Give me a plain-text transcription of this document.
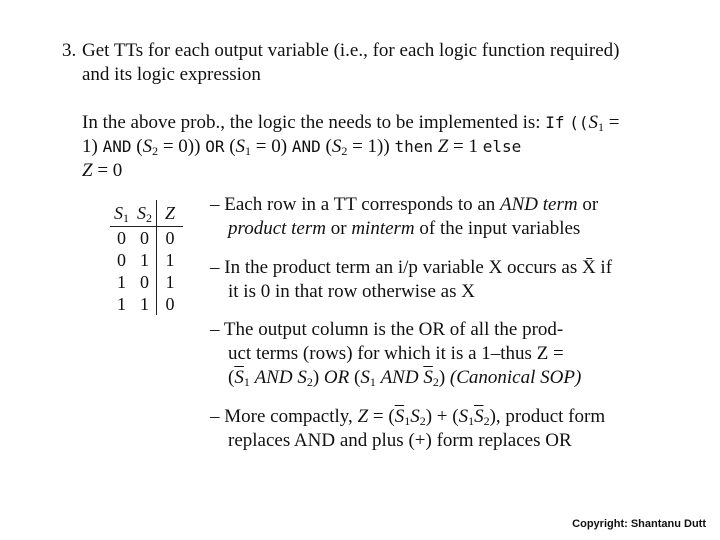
3. Get TTs for each output variable (i.e., for each logic function required)
and its logic expression
In the above prob., the logic the needs to be implemented is: If (($S_1$ =
1) AND $(S_2 = 0)$) OR $(S_1 = 0)$ AND $(S_2 = 1)$) then Z = 1 else
Z = 0
$S_1$	$S_2$	Z
0	0	0
0	1	1
1	0	1
1	1	0
– Each row in a TT corresponds to an AND term or
product term or minterm of the input variables
– In the product term an i/p variable X occurs as X̄ if
it is 0 in that row otherwise as X
– The output column is the OR of all the prod-
uct terms (rows) for which it is a 1–thus Z =
($\overline{S}_1$ AND $S_2$) OR ($S_1$ AND $\overline{S}_2$) (Canonical SOP)
– More compactly, $Z = (\overline{S}_1S_2) + (S_1\overline{S}_2)$, product form
replaces AND and plus (+) form replaces OR
Copyright: Shantanu Dutt
